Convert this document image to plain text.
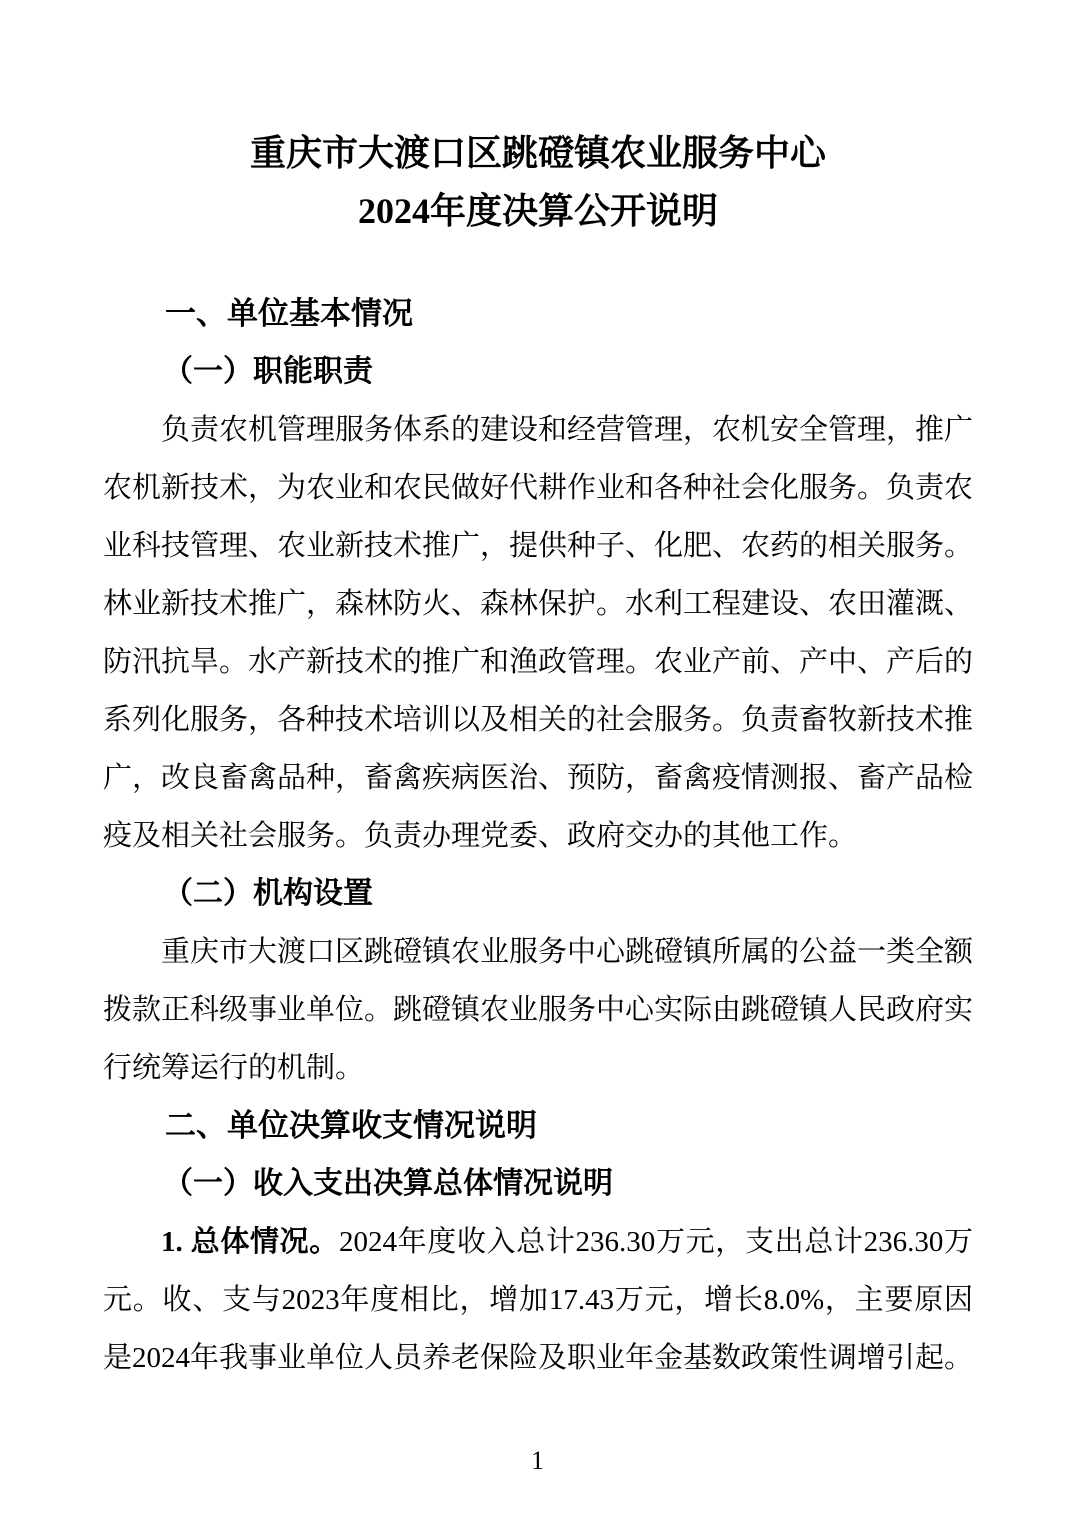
重庆市大渡口区跳磴镇农业服务中心
2024年度决算公开说明
一、单位基本情况
（一）职能职责
负责农机管理服务体系的建设和经营管理，农机安全管理，推广农机新技术，为农业和农民做好代耕作业和各种社会化服务。负责农业科技管理、农业新技术推广，提供种子、化肥、农药的相关服务。林业新技术推广，森林防火、森林保护。水利工程建设、农田灌溉、防汛抗旱。水产新技术的推广和渔政管理。农业产前、产中、产后的系列化服务，各种技术培训以及相关的社会服务。负责畜牧新技术推广，改良畜禽品种，畜禽疾病医治、预防，畜禽疫情测报、畜产品检疫及相关社会服务。负责办理党委、政府交办的其他工作。
（二）机构设置
重庆市大渡口区跳磴镇农业服务中心跳磴镇所属的公益一类全额拨款正科级事业单位。跳磴镇农业服务中心实际由跳磴镇人民政府实行统筹运行的机制。
二、单位决算收支情况说明
（一）收入支出决算总体情况说明
1. 总体情况。2024年度收入总计236.30万元，支出总计236.30万元。收、支与2023年度相比，增加17.43万元，增长8.0%，主要原因是2024年我事业单位人员养老保险及职业年金基数政策性调增引起。
1
